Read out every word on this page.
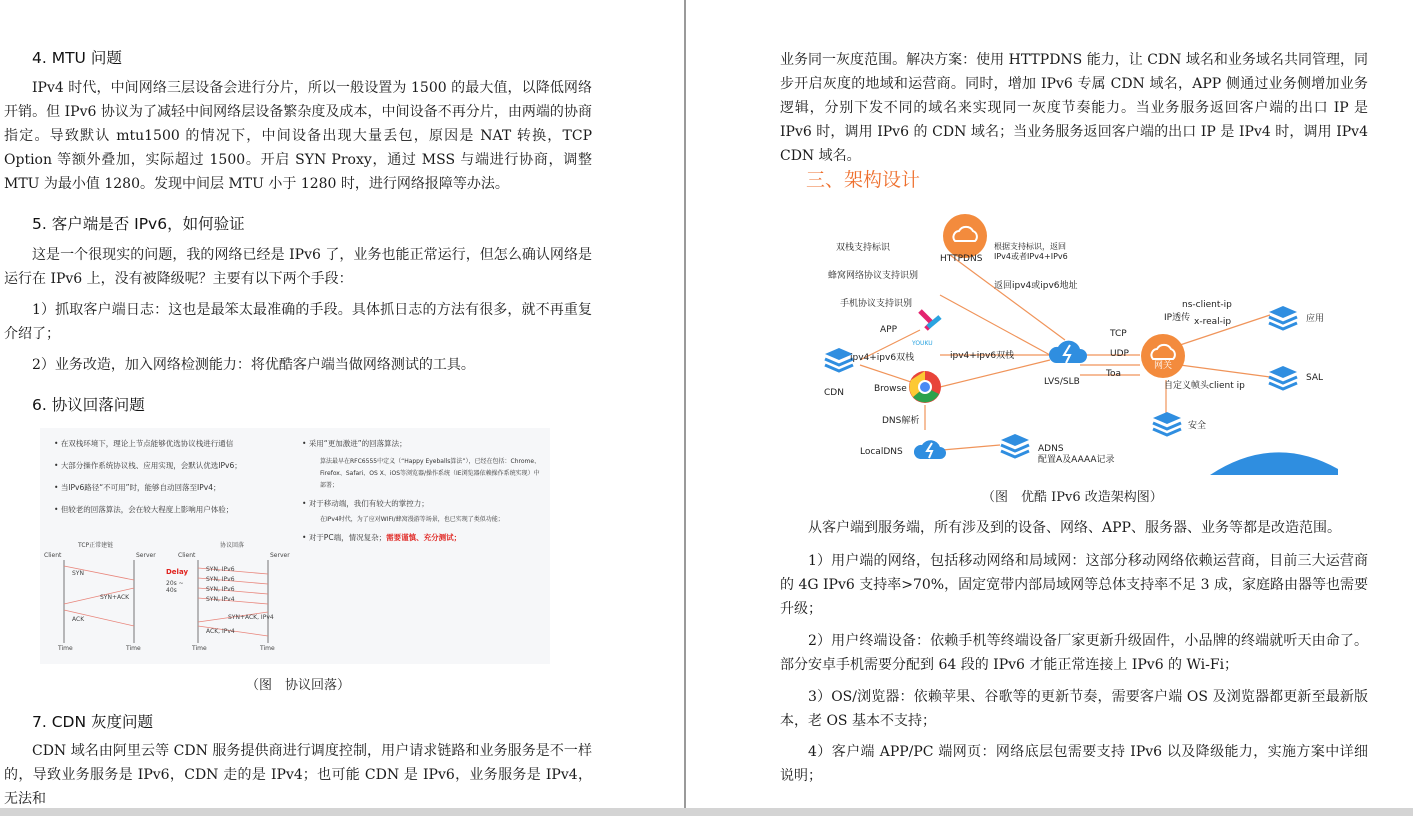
4. MTU 问题
IPv4 时代，中间网络三层设备会进行分片，所以一般设置为 1500 的最大值，以降低网络开销。但 IPv6 协议为了减轻中间网络层设备繁杂度及成本，中间设备不再分片，由两端的协商指定。导致默认 mtu1500 的情况下，中间设备出现大量丢包，原因是 NAT 转换，TCP Option 等额外叠加，实际超过 1500。开启 SYN Proxy，通过 MSS 与端进行协商，调整 MTU 为最小值 1280。发现中间层 MTU 小于 1280 时，进行网络报障等办法。
5. 客户端是否 IPv6，如何验证
这是一个很现实的问题，我的网络已经是 IPv6 了，业务也能正常运行，但怎么确认网络是运行在 IPv6 上，没有被降级呢？主要有以下两个手段：
1）抓取客户端日志：这也是最笨太最准确的手段。具体抓日志的方法有很多，就不再重复介绍了；
2）业务改造，加入网络检测能力：将优酷客户端当做网络测试的工具。
6. 协议回落问题
• 在双栈环境下，理论上节点能够优选协议栈进行通信
• 大部分操作系统协议栈、应用实现，会默认优选IPv6；
• 当IPv6路径“不可用”时，能够自动回落至IPv4；
• 但较老的回落算法，会在较大程度上影响用户体验；
• 采用“更加激进”的回落算法；
算法最早在RFC6555中定义（“Happy Eyeballs算法”），已经在包括：Chrome、Firefox、Safari、OS X、iOS等浏览器/操作系统（IE浏览器依赖操作系统实现）中部署；
• 对于移动端，我们有较大的掌控力；
在IPv4时代，为了应对WIFI/蜂窝漫游等场景，也已实现了类似功能；
• 对于PC端，情况复杂；需要谨慎、充分测试；
TCP正常建链	协议回落
Client	Server	Client	Server
SYN
SYN+ACK
ACK
Delay
20s ~ 40s
SYN, IPv6
SYN, IPv6
SYN, IPv6
SYN, IPv4
SYN+ACK, IPv4
ACK, IPv4
Time	Time	Time	Time
（图　协议回落）
7. CDN 灰度问题
CDN 域名由阿里云等 CDN 服务提供商进行调度控制，用户请求链路和业务服务是不一样的，导致业务服务是 IPv6，CDN 走的是 IPv4；也可能 CDN 是 IPv6，业务服务是 IPv4，无法和
业务同一灰度范围。解决方案：使用 HTTPDNS 能力，让 CDN 域名和业务域名共同管理，同步开启灰度的地域和运营商。同时，增加 IPv6 专属 CDN 域名，APP 侧通过业务侧增加业务逻辑，分别下发不同的域名来实现同一灰度节奏能力。当业务服务返回客户端的出口 IP 是 IPv6 时，调用 IPv6 的 CDN 域名；当业务服务返回客户端的出口 IP 是 IPv4 时，调用 IPv4 CDN 域名。
三、架构设计
HTTPDNS
双栈支持标识
蜂窝网络协议支持识别
手机协议支持识别
根据支持标识，返回IPv4或者IPv4+IPv6
返回ipv4或ipv6地址
APP
YOUKU
ipv4+ipv6双栈	ipv4+ipv6双栈
CDN	Browse
LVS/SLB
TCP
UDP
Toa
网关
IP透传
ns-client-ip
x-real-ip
自定义帧头client ip
应用
SAL
安全
DNS解析
LocalDNS	ADNS
配置A及AAAA记录
（图　优酷 IPv6 改造架构图）
从客户端到服务端，所有涉及到的设备、网络、APP、服务器、业务等都是改造范围。
1）用户端的网络，包括移动网络和局域网：这部分移动网络依赖运营商，目前三大运营商的 4G IPv6 支持率>70%，固定宽带内部局域网等总体支持率不足 3 成，家庭路由器等也需要升级；
2）用户终端设备：依赖手机等终端设备厂家更新升级固件，小品牌的终端就听天由命了。部分安卓手机需要分配到 64 段的 IPv6 才能正常连接上 IPv6 的 Wi-Fi；
3）OS/浏览器：依赖苹果、谷歌等的更新节奏，需要客户端 OS 及浏览器都更新至最新版本，老 OS 基本不支持；
4）客户端 APP/PC 端网页：网络底层包需要支持 IPv6 以及降级能力，实施方案中详细说明；
